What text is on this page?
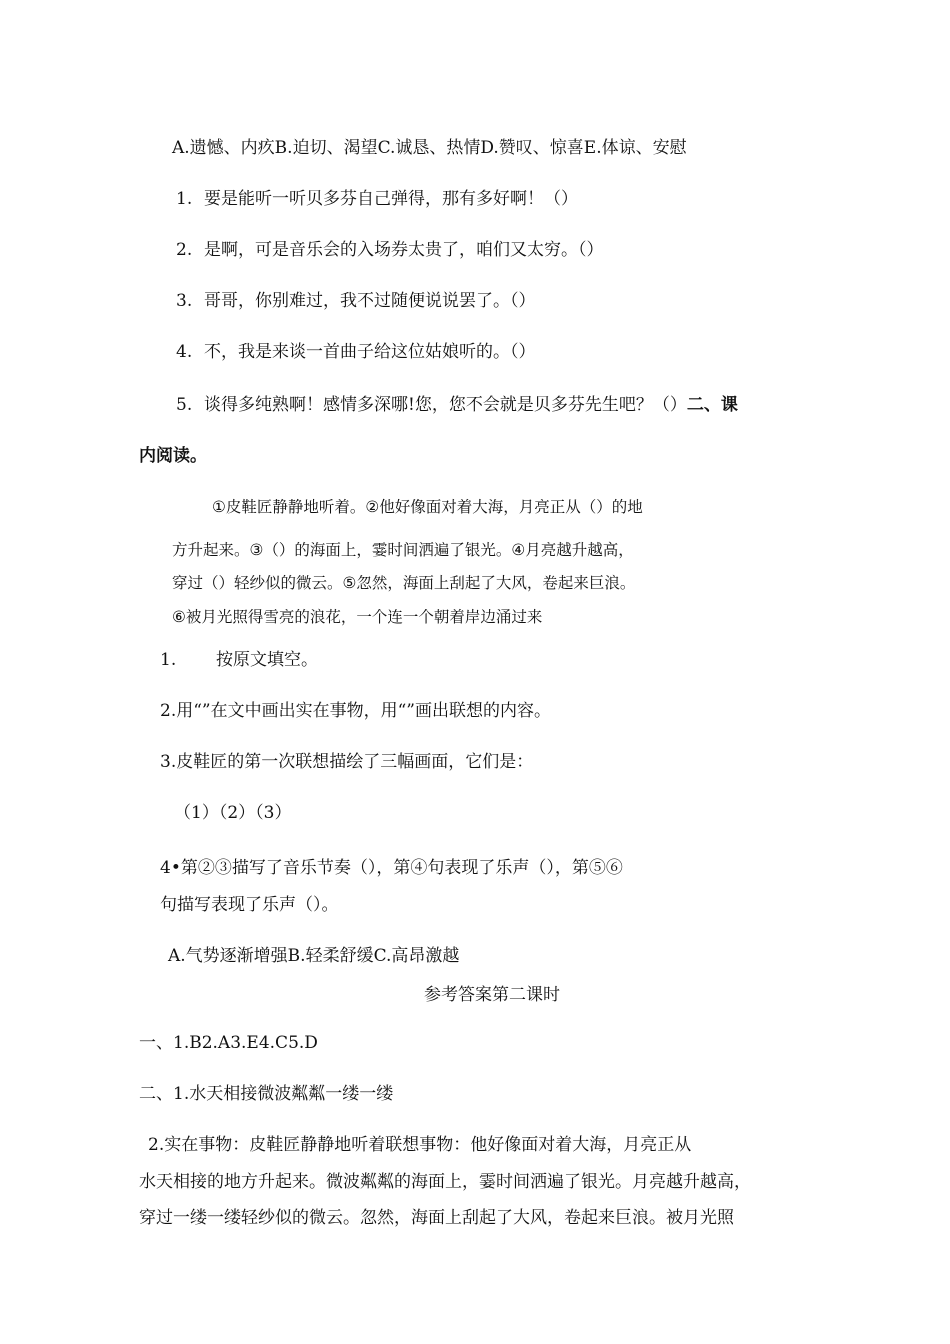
A.遗憾、内疚B.迫切、渴望C.诚恳、热情D.赞叹、惊喜E.体谅、安慰
1. 要是能听一听贝多芬自己弹得，那有多好啊！（）
2. 是啊，可是音乐会的入场券太贵了，咱们又太穷。（）
3. 哥哥，你别难过，我不过随便说说罢了。（）
4. 不，我是来谈一首曲子给这位姑娘听的。（）
5. 谈得多纯熟啊！感情多深哪!您，您不会就是贝多芬先生吧？（）二、课
内阅读。
①皮鞋匠静静地听着。②他好像面对着大海，月亮正从（）的地
方升起来。③（）的海面上，霎时间洒遍了银光。④月亮越升越高，
穿过（）轻纱似的微云。⑤忽然，海面上刮起了大风，卷起来巨浪。
⑥被月光照得雪亮的浪花，一个连一个朝着岸边涌过来
1. 按原文填空。
2.用“”在文中画出实在事物，用“”画出联想的内容。
3.皮鞋匠的第一次联想描绘了三幅画面，它们是：
（1）（2）（3）
4•第②③描写了音乐节奏（），第④句表现了乐声（），第⑤⑥
句描写表现了乐声（）。
A.气势逐渐增强B.轻柔舒缓C.高昂激越
参考答案第二课时
一、1.B2.A3.E4.C5.D
二、1.水天相接微波粼粼一缕一缕
2.实在事物：皮鞋匠静静地听着联想事物：他好像面对着大海，月亮正从
水天相接的地方升起来。微波粼粼的海面上，霎时间洒遍了银光。月亮越升越高，
穿过一缕一缕轻纱似的微云。忽然，海面上刮起了大风，卷起来巨浪。被月光照
